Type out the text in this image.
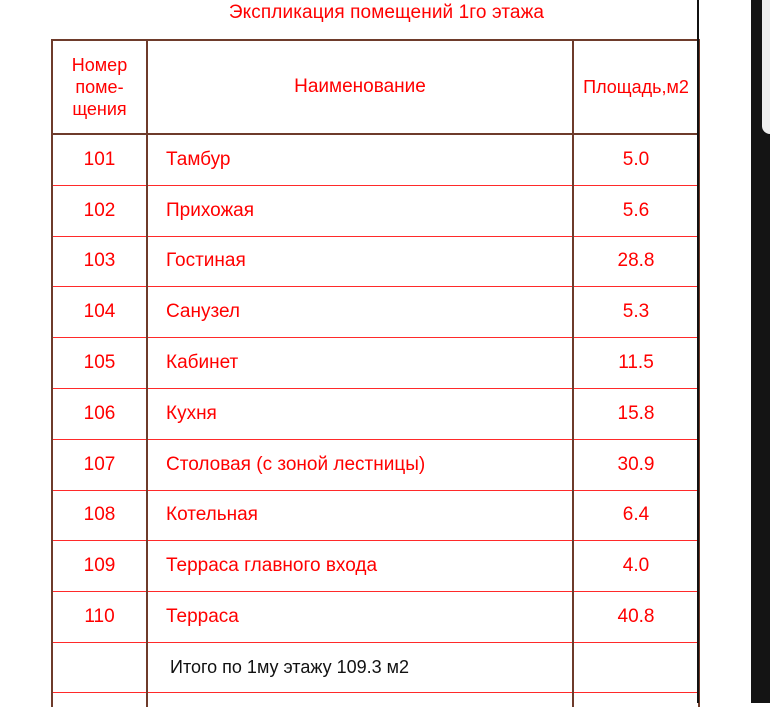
Экспликация помещений 1го этажа
Номер
поме-
щения	Наименование	Площадь,м2
101	Тамбур	5.0
102	Прихожая	5.6
103	Гостиная	28.8
104	Санузел	5.3
105	Кабинет	11.5
106	Кухня	15.8
107	Столовая (с зоной лестницы)	30.9
108	Котельная	6.4
109	Терраса главного входа	4.0
110	Терраса	40.8
	Итого по 1му этажу 109.3 м2	
